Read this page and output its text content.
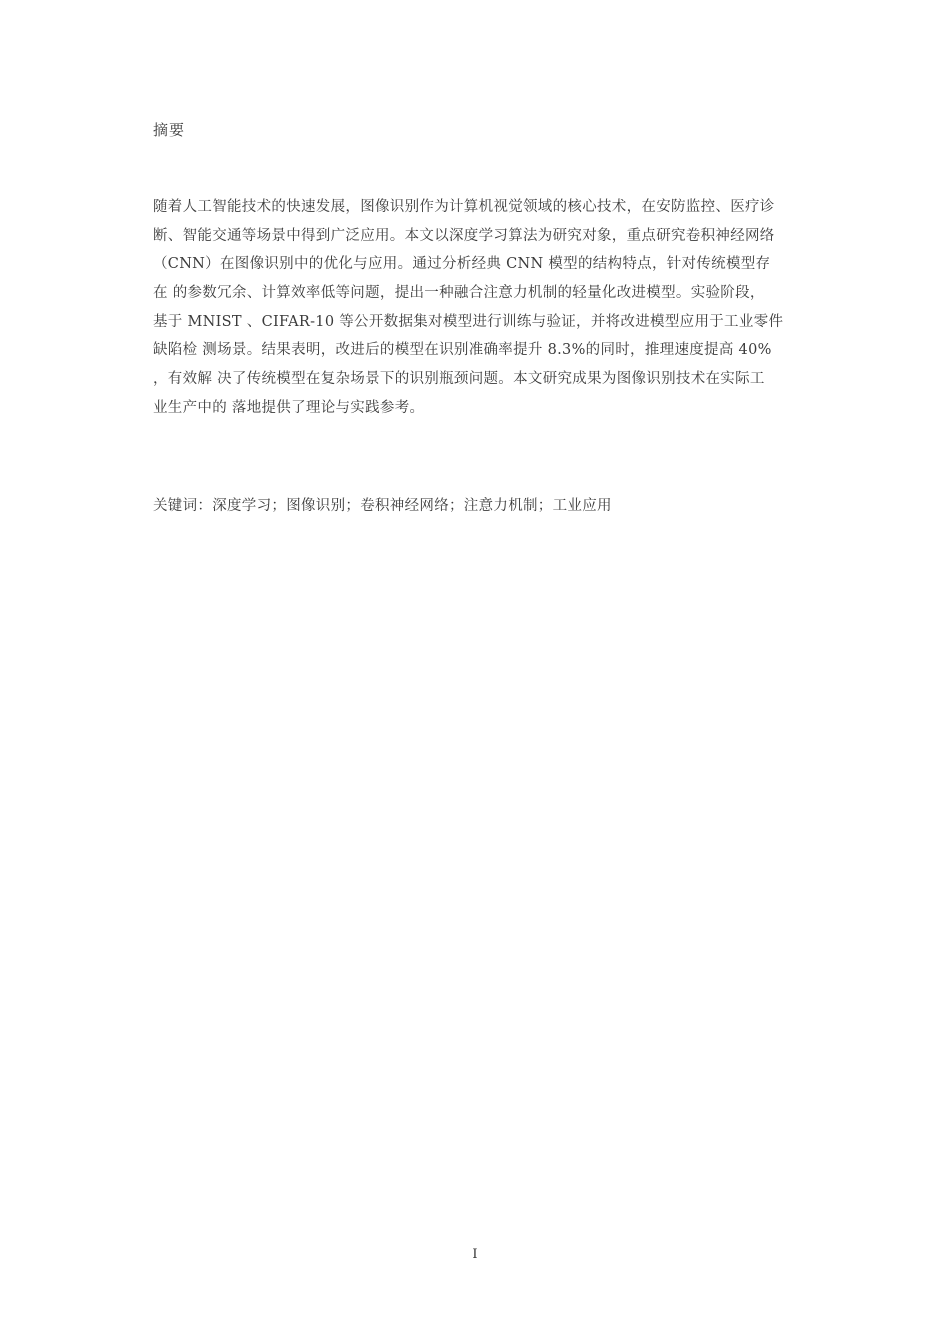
摘要
随着人工智能技术的快速发展，图像识别作为计算机视觉领域的核心技术，在安防监控、医疗诊
断、智能交通等场景中得到广泛应用。本文以深度学习算法为研究对象，重点研究卷积神经网络
（CNN）在图像识别中的优化与应用。通过分析经典 CNN 模型的结构特点，针对传统模型存
在 的参数冗余、计算效率低等问题，提出一种融合注意力机制的轻量化改进模型。实验阶段，
基于 MNIST 、CIFAR-10 等公开数据集对模型进行训练与验证，并将改进模型应用于工业零件
缺陷检 测场景。结果表明，改进后的模型在识别准确率提升 8.3%的同时，推理速度提高 40%
，有效解 决了传统模型在复杂场景下的识别瓶颈问题。本文研究成果为图像识别技术在实际工
业生产中的 落地提供了理论与实践参考。
关键词：深度学习；图像识别；卷积神经网络；注意力机制；工业应用
I
